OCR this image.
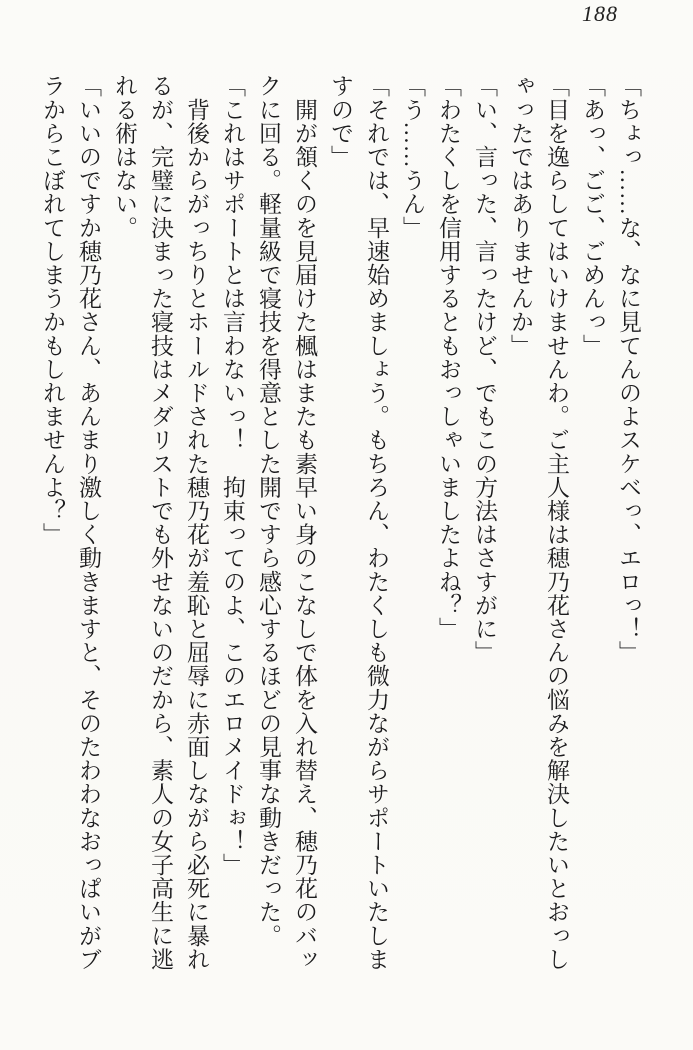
188
「ちょっ……な、なに見てんのよスケベっ、エロっ！」
「あっ、ごご、ごめんっ」
「目を逸らしてはいけませんわ。ご主人様は穂乃花さんの悩みを解決したいとおっし
ゃったではありませんか」
「い、言った、言ったけど、でもこの方法はさすがに」
「わたくしを信用するともおっしゃいましたよね？」
「う……うん」
「それでは、早速始めましょう。もちろん、わたくしも微力ながらサポートいたしま
すので」
　開が頷くのを見届けた楓はまたも素早い身のこなしで体を入れ替え、穂乃花のバッ
クに回る。軽量級で寝技を得意とした開ですら感心するほどの見事な動きだった。
「これはサポートとは言わないっ！　拘束ってのよ、このエロメイドぉ！」
　背後からがっちりとホールドされた穂乃花が羞恥と屈辱に赤面しながら必死に暴れ
るが、完璧に決まった寝技はメダリストでも外せないのだから、素人の女子高生に逃
れる術はない。
「いいのですか穂乃花さん、あんまり激しく動きますと、そのたわわなおっぱいがブ
ラからこぼれてしまうかもしれませんよ？」
